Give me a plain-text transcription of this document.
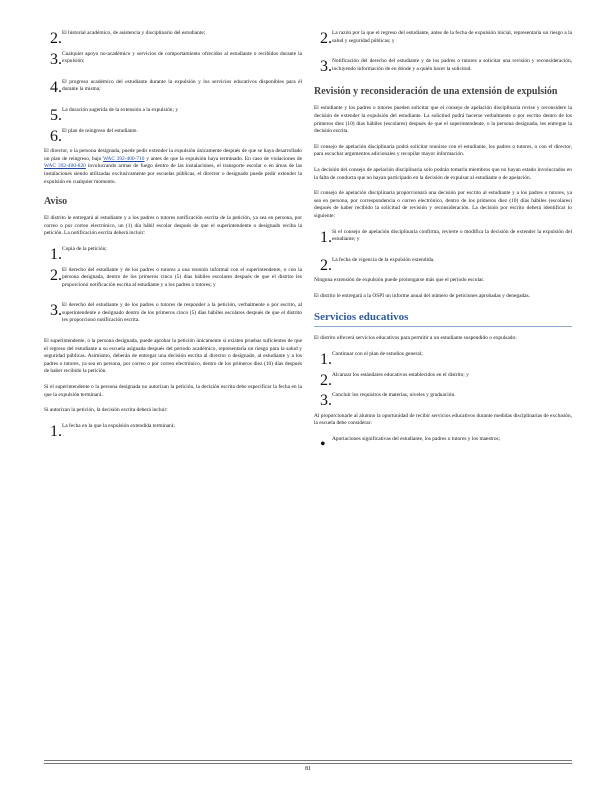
2. El historial académico, de asistencia y disciplinario del estudiante;

3. Cualquier apoyo no-académico y servicios de comportamiento ofrecidos al estudiante o recibidos durante la expulsión;

4. El progreso académico del estudiante durante la expulsión y los servicios educativos disponibles para él durante la misma;

5. La duración sugerida de la extensión a la expulsión; y

6. El plan de reingreso del estudiante.

El director, o la persona designada, puede pedir extender la expulsión únicamente después de que se haya desarrollado un plan de reingreso, bajo WAC 392-400-710 y antes de que la expulsión haya terminado. En caso de violaciones de WAC 392-400-820 involucrando armas de fuego dentro de las instalaciones, el transporte escolar o en áreas de las instalaciones siendo utilizadas exclusivamente por escuelas públicas, el director o designado puede pedir extender la expulsión en cualquier momento.

Aviso

El distrito le entregará al estudiante y a los padres o tutores notificación escrita de la petición, ya sea en persona, por correo o por correo electrónico, un (1) día hábil escolar después de que el superintendente o designado reciba la petición. La notificación escrita deberá incluir:

1. Copia de la petición;

2. El derecho del estudiante y de los padres o tutores a una reunión informal con el superintendente, o con la persona designada, dentro de los primeros cinco (5) días hábiles escolares después de que el distrito les proporcionó notificación escrita al estudiante y a los padres o tutores; y

3. El derecho del estudiante y de los padres o tutores de responder a la petición, verbalmente o por escrito, al superintendente o designado dentro de los primeros cinco (5) días hábiles escolares después de que el distrito les proporcionó notificación escrita.

El superintendente, o la persona designada, puede aprobar la petición únicamente si existen pruebas suficientes de que el regreso del estudiante a su escuela asignada después del período académico, representaría un riesgo para la salud y seguridad públicas. Asimismo, deberán de entregar una decisión escrita al director o designado, al estudiante y a los padres o tutores, ya sea en persona, por correo o por correo electrónico, dentro de los primeros diez (10) días después de haber recibido la petición.

Si el superintendente o la persona designada no autorizan la petición, la decisión escrita debe especificar la fecha en la que la expulsión terminará.

Si autorizan la petición, la decisión escrita deberá incluir:

1. La fecha en la que la expulsión extendida terminará;

2. La razón por la que el regreso del estudiante, antes de la fecha de expulsión inicial, representaría un riesgo a la salud y seguridad públicas; y

3. Notificación del derecho del estudiante y de los padres o tutores a solicitar una revisión y reconsideración, incluyendo información de en dónde y a quién hacer la solicitud.

Revisión y reconsideración de una extensión de expulsión

El estudiante y los padres o tutores pueden solicitar que el consejo de apelación disciplinaria revise y reconsidere la decisión de extender la expulsión del estudiante. La solicitud podrá hacerse verbalmente o por escrito dentro de los primeros diez (10) días hábiles (escolares) después de que el superintendente, o la persona designada, les entregue la decisión escrita.

El consejo de apelación disciplinaria podrá solicitar reunirse con el estudiante, los padres o tutores, o con el director, para escuchar argumentos adicionales y recopilar mayor información.

La decisión del consejo de apelación disciplinaria solo podrán tomarla miembros que no hayan estado involucrados en la falta de conducta que no hayan participado en la decisión de expulsar al estudiante o de apelación.

El consejo de apelación disciplinaria proporcionará una decisión por escrito al estudiante y a los padres o tutores, ya sea en persona, por correspondencia o correo electrónico, dentro de los primeros diez (10) días hábiles (escolares) después de haber recibido la solicitud de revisión y reconsideración. La decisión por escrito deberá identificar lo siguiente:

1. Si el consejo de apelación disciplinaria confirma, revierte o modifica la decisión de extender la expulsión del estudiante; y

2. La fecha de vigencia de la expulsión extendida.

Ninguna extensión de expulsión puede prolongarse más que el período escolar.

El distrito le entregará a la OSPI un informe anual del número de peticiones aprobadas y denegadas.

Servicios educativos

El distrito ofrecerá servicios educativos para permitir a un estudiante suspendido o expulsado:

1. Continuar con el plan de estudios general;

2. Alcanzar los estándares educativos establecidos en el distrito; y

3. Concluir los requisitos de materias, niveles y graduación.

Al proporcionarle al alumno la oportunidad de recibir servicios educativos durante medidas disciplinarias de exclusión, la escuela debe considerar:

• Aportaciones significativas del estudiante, los padres o tutores y los maestros;

81
